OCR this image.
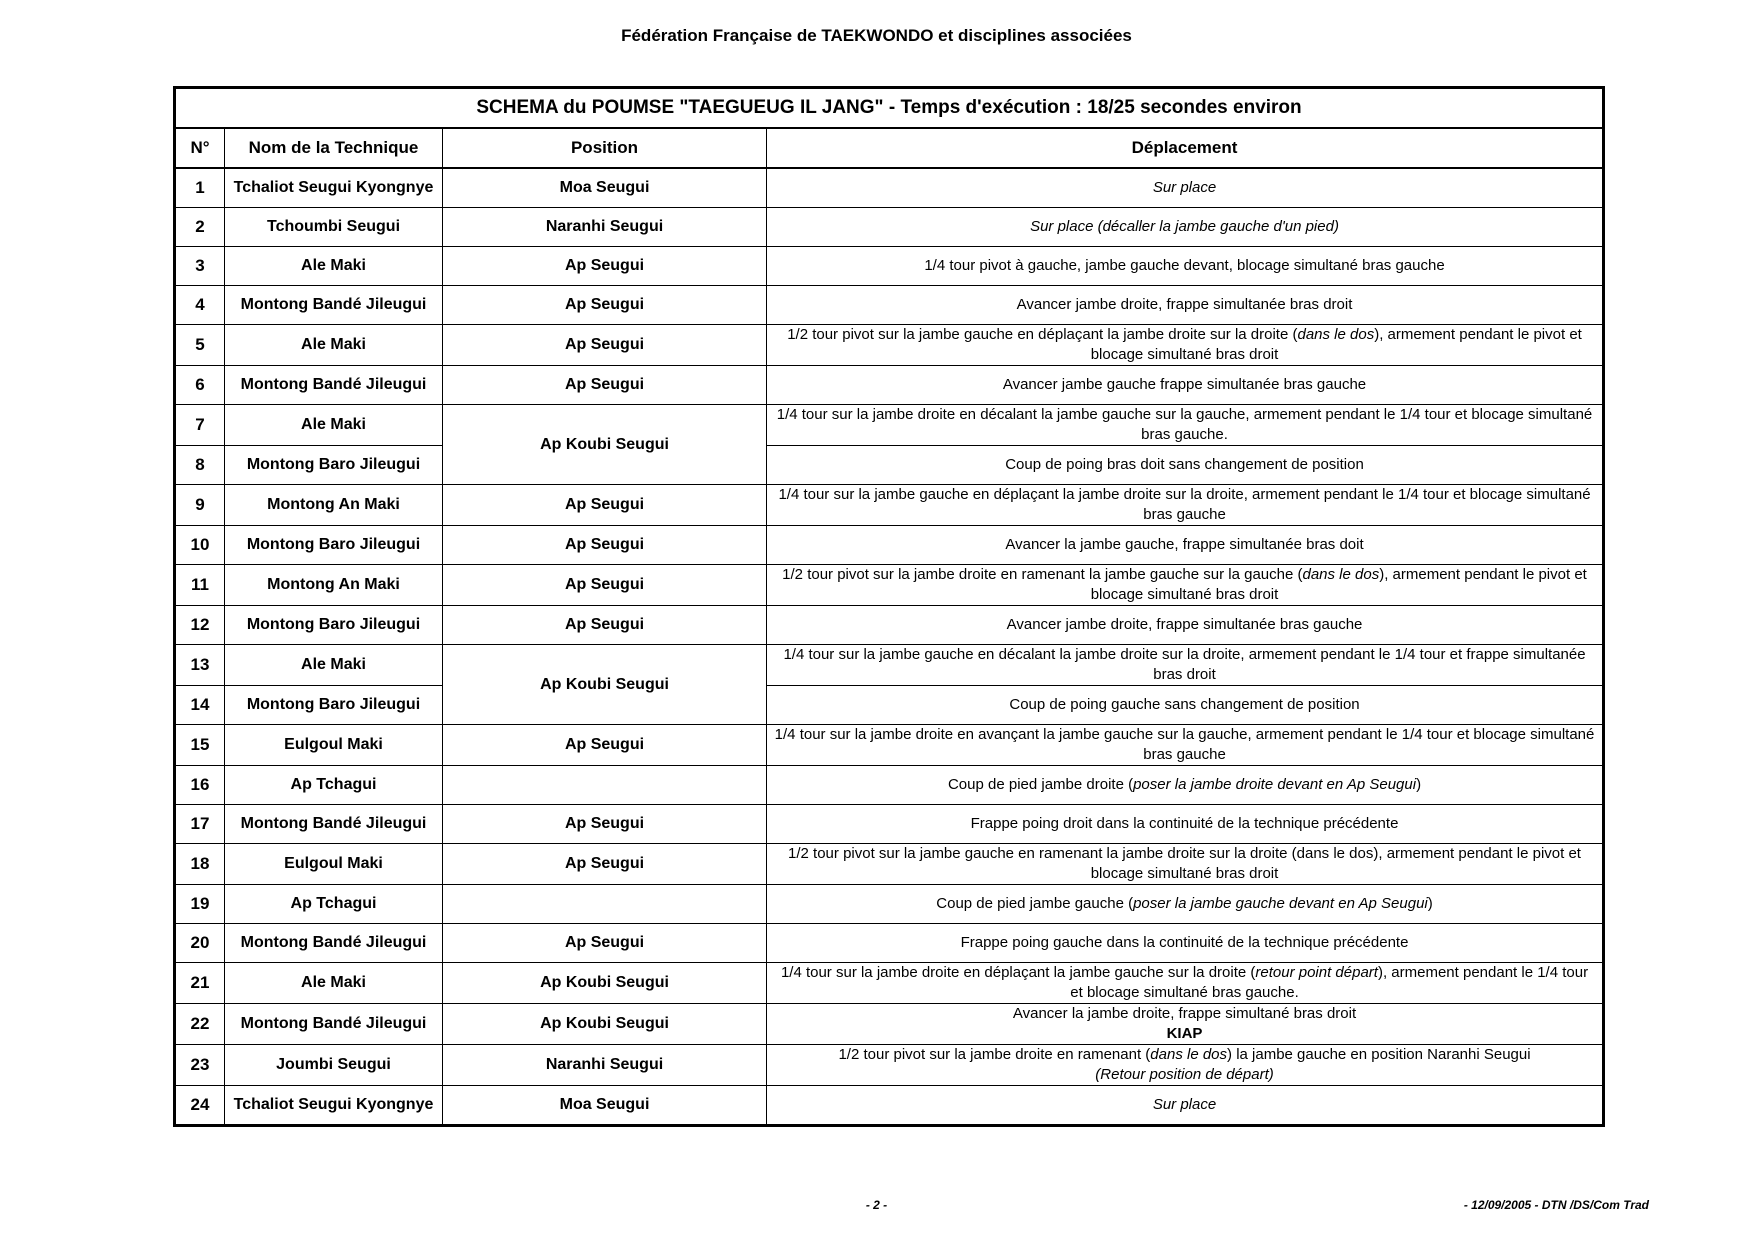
Fédération Française de TAEKWONDO et disciplines associées
SCHEMA du POUMSE "TAEGUEUG IL JANG" - Temps d'exécution : 18/25 secondes environ			
N°	Nom de la Technique	Position	Déplacement
1	Tchaliot Seugui Kyongnye	Moa Seugui	Sur place
2	Tchoumbi Seugui	Naranhi Seugui	Sur place (décaller la jambe gauche d'un pied)
3	Ale Maki	Ap Seugui	1/4 tour pivot à gauche, jambe gauche devant, blocage simultané bras gauche
4	Montong Bandé Jileugui	Ap Seugui	Avancer jambe droite, frappe simultanée bras droit
5	Ale Maki	Ap Seugui	1/2 tour pivot sur la jambe gauche en déplaçant la jambe droite sur la droite (dans le dos), armement pendant le pivot et blocage simultané bras droit
6	Montong Bandé Jileugui	Ap Seugui	Avancer jambe gauche frappe simultanée bras gauche
7	Ale Maki	Ap Koubi Seugui	1/4 tour sur la jambe droite en décalant la jambe gauche sur la gauche, armement pendant le 1/4 tour et blocage simultané bras gauche.
8	Montong Baro Jileugui		Coup de poing bras doit sans changement de position
9	Montong An Maki	Ap Seugui	1/4 tour sur la jambe gauche en déplaçant la jambe droite sur la droite, armement pendant le 1/4 tour et blocage simultané bras gauche
10	Montong Baro Jileugui	Ap Seugui	Avancer la jambe gauche, frappe simultanée bras doit
11	Montong An Maki	Ap Seugui	1/2 tour pivot sur la jambe droite en ramenant la jambe gauche sur la gauche (dans le dos), armement pendant le pivot et blocage simultané bras droit
12	Montong Baro Jileugui	Ap Seugui	Avancer jambe droite, frappe simultanée bras gauche
13	Ale Maki	Ap Koubi Seugui	1/4 tour sur la jambe gauche en décalant la jambe droite sur la droite, armement pendant le 1/4 tour et frappe simultanée bras droit
14	Montong Baro Jileugui		Coup de poing gauche sans changement de position
15	Eulgoul Maki	Ap Seugui	1/4 tour sur la jambe droite en avançant la jambe gauche sur la gauche, armement pendant le 1/4 tour et blocage simultané bras gauche
16	Ap Tchagui		Coup de pied jambe droite (poser la jambe droite devant en Ap Seugui)
17	Montong Bandé Jileugui	Ap Seugui	Frappe poing droit dans la continuité de la technique précédente
18	Eulgoul Maki	Ap Seugui	1/2 tour pivot sur la jambe gauche en ramenant la jambe droite sur la droite (dans le dos), armement pendant le pivot et blocage simultané bras droit
19	Ap Tchagui		Coup de pied jambe gauche (poser la jambe gauche devant en Ap Seugui)
20	Montong Bandé Jileugui	Ap Seugui	Frappe poing gauche dans la continuité de la technique précédente
21	Ale Maki	Ap Koubi Seugui	1/4 tour sur la jambe droite en déplaçant la jambe gauche sur la droite (retour point départ), armement pendant le 1/4 tour et blocage simultané bras gauche.
22	Montong Bandé Jileugui	Ap Koubi Seugui	Avancer la jambe droite, frappe simultané bras droit
KIAP

23	Joumbi Seugui	Naranhi Seugui	1/2 tour pivot sur la jambe droite en ramenant (dans le dos) la jambe gauche en position Naranhi Seugui
(Retour position de départ)

24	Tchaliot Seugui Kyongnye	Moa Seugui	Sur place
- 2 -	- 12/09/2005 - DTN /DS/Com Trad
